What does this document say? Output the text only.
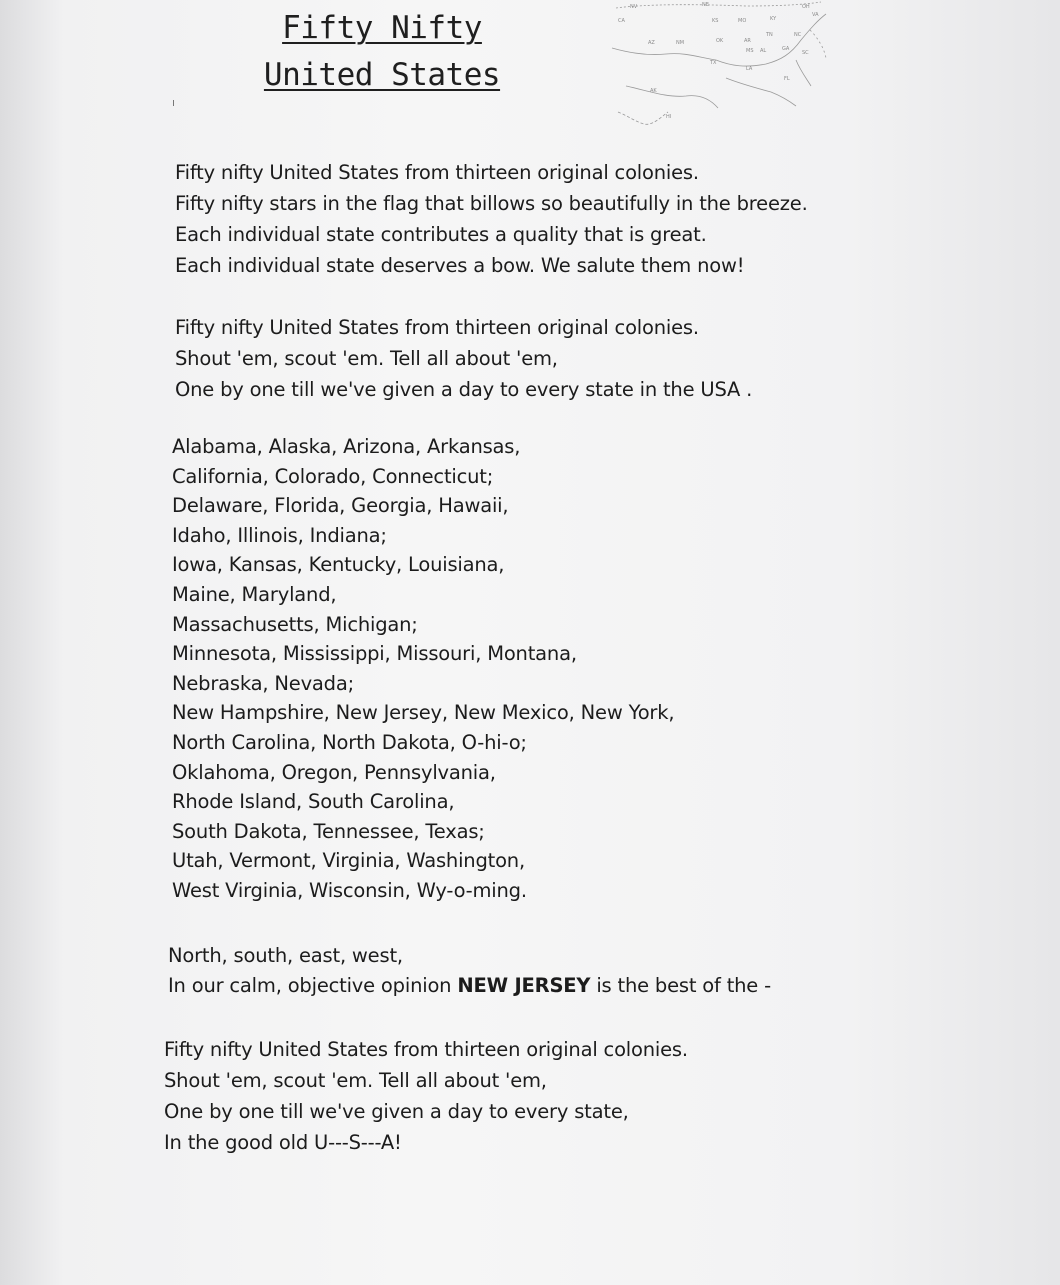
Fifty Nifty
United States
NV	NE	OH
CA	KS	MO	KY
VA
AZ	NM	OK	AR
TN	NC
MS AL	GA
SC
TX
LA
FL
AK
HI
Fifty nifty United States from thirteen original colonies.
Fifty nifty stars in the flag that billows so beautifully in the breeze.
Each individual state contributes a quality that is great.
Each individual state deserves a bow. We salute them now!
Fifty nifty United States from thirteen original colonies.
Shout 'em, scout 'em. Tell all about 'em,
One by one till we've given a day to every state in the USA .
Alabama, Alaska, Arizona, Arkansas,
California, Colorado, Connecticut;
Delaware, Florida, Georgia, Hawaii,
Idaho, Illinois, Indiana;
Iowa, Kansas, Kentucky, Louisiana,
Maine, Maryland,
Massachusetts, Michigan;
Minnesota, Mississippi, Missouri, Montana,
Nebraska, Nevada;
New Hampshire, New Jersey, New Mexico, New York,
North Carolina, North Dakota, O-hi-o;
Oklahoma, Oregon, Pennsylvania,
Rhode Island, South Carolina,
South Dakota, Tennessee, Texas;
Utah, Vermont, Virginia, Washington,
West Virginia, Wisconsin, Wy-o-ming.
North, south, east, west,
In our calm, objective opinion NEW JERSEY is the best of the -
Fifty nifty United States from thirteen original colonies.
Shout 'em, scout 'em. Tell all about 'em,
One by one till we've given a day to every state,
In the good old U---S---A!
